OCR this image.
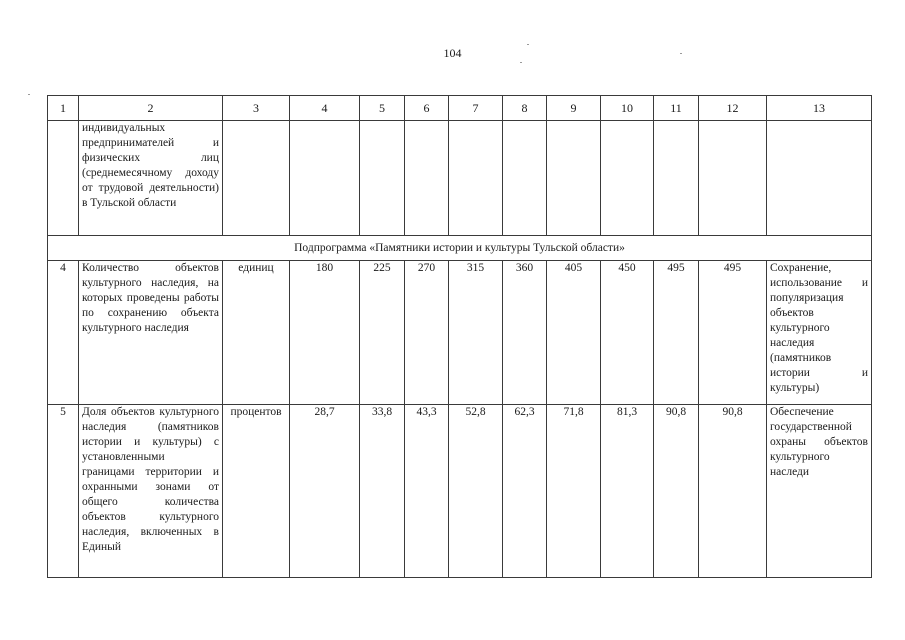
104
1	2	3	4	5	6	7	8	9	10	11	12	13
	индивидуальных предпринимателей и физических лиц (среднемесячному доходу от трудовой деятельности) в Тульской области											
Подпрограмма «Памятники истории и культуры Тульской области»												
4	Количество объектов культурного наследия, на которых проведены работы по сохранению объекта культурного наследия	единиц	180	225	270	315	360	405	450	495	495	Сохранение, использование и популяризация объектов культурного наследия (памятников истории и культуры)
5	Доля объектов культурного наследия (памятников истории и культуры) с установленными границами территории и охранными зонами от общего количества объектов культурного наследия, включенных в Единый	процентов	28,7	33,8	43,3	52,8	62,3	71,8	81,3	90,8	90,8	Обеспечение государственной охраны объектов культурного наследи
